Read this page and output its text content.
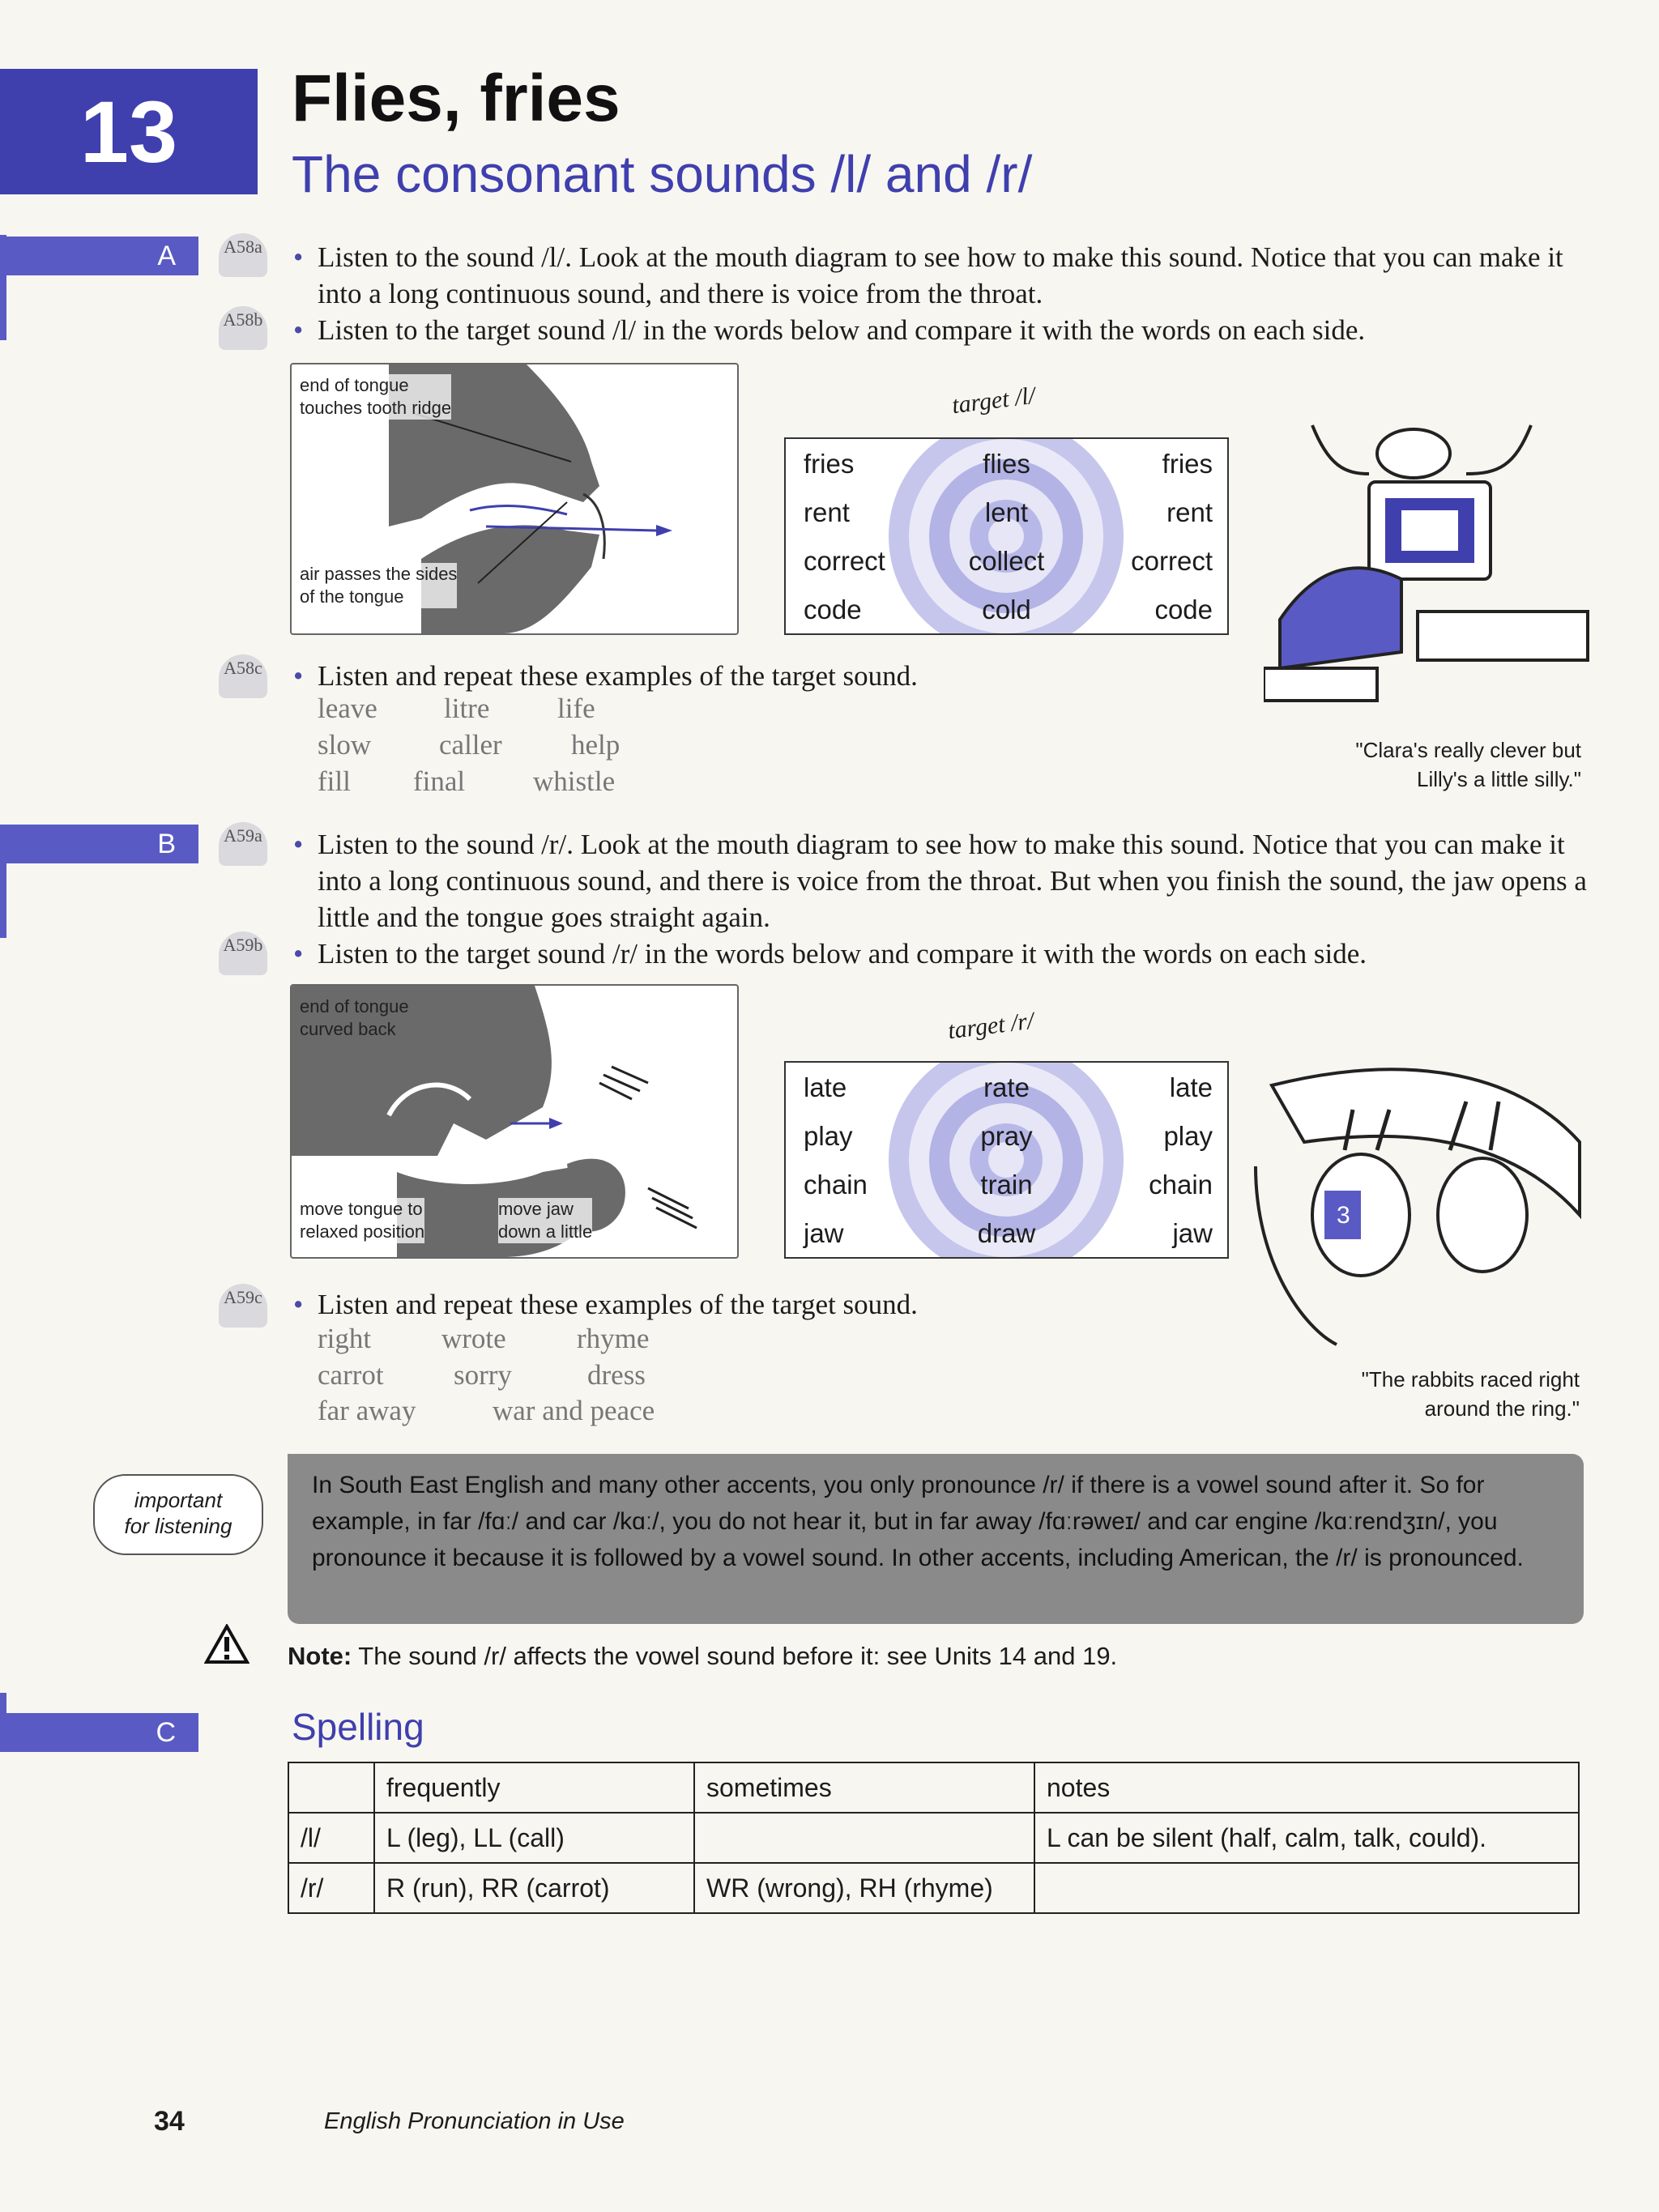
13 Flies, fries
The consonant sounds /l/ and /r/
A	A58a • Listen to the sound /l/. Look at the mouth diagram to see how to make this sound. Notice that you can make it into a long continuous sound, and there is voice from the throat.
A58b • Listen to the target sound /l/ in the words below and compare it with the words on each side.
end of tongue
touches tooth ridge
air passes the sides
of the tongue
target /l/
fries	flies	fries
rent	lent	rent
correct	collect	correct
code	cold	code
"Clara's really clever but
Lilly's a little silly."
A58c • Listen and repeat these examples of the target sound.
leave litre life
slow caller help
fill final whistle
B	A59a • Listen to the sound /r/. Look at the mouth diagram to see how to make this sound. Notice that you can make it into a long continuous sound, and there is voice from the throat. But when you finish the sound, the jaw opens a little and the tongue goes straight again.
A59b • Listen to the target sound /r/ in the words below and compare it with the words on each side.
end of tongue
curved back
move tongue to
relaxed position
move jaw
down a little
target /r/
late	rate	late
play	pray	play
chain	train	chain
jaw	draw	jaw
3
"The rabbits raced right
around the ring."
A59c • Listen and repeat these examples of the target sound.
right wrote rhyme
carrot sorry	dress
far away	war and peace
important
for listening
In South East English and many other accents, you only pronounce /r/ if there is a vowel sound after it. So for example, in far /fɑː/ and car /kɑː/, you do not hear it, but in far away /fɑːrəweɪ/ and car engine /kɑːrendʒɪn/, you pronounce it because it is followed by a vowel sound. In other accents, including American, the /r/ is pronounced.
Note: The sound /r/ affects the vowel sound before it: see Units 14 and 19.
C	Spelling
	frequently	sometimes	notes
/l/	L (leg), LL (call)		L can be silent (half, calm, talk, could).
/r/	R (run), RR (carrot)	WR (wrong), RH (rhyme)	
34	English Pronunciation in Use
